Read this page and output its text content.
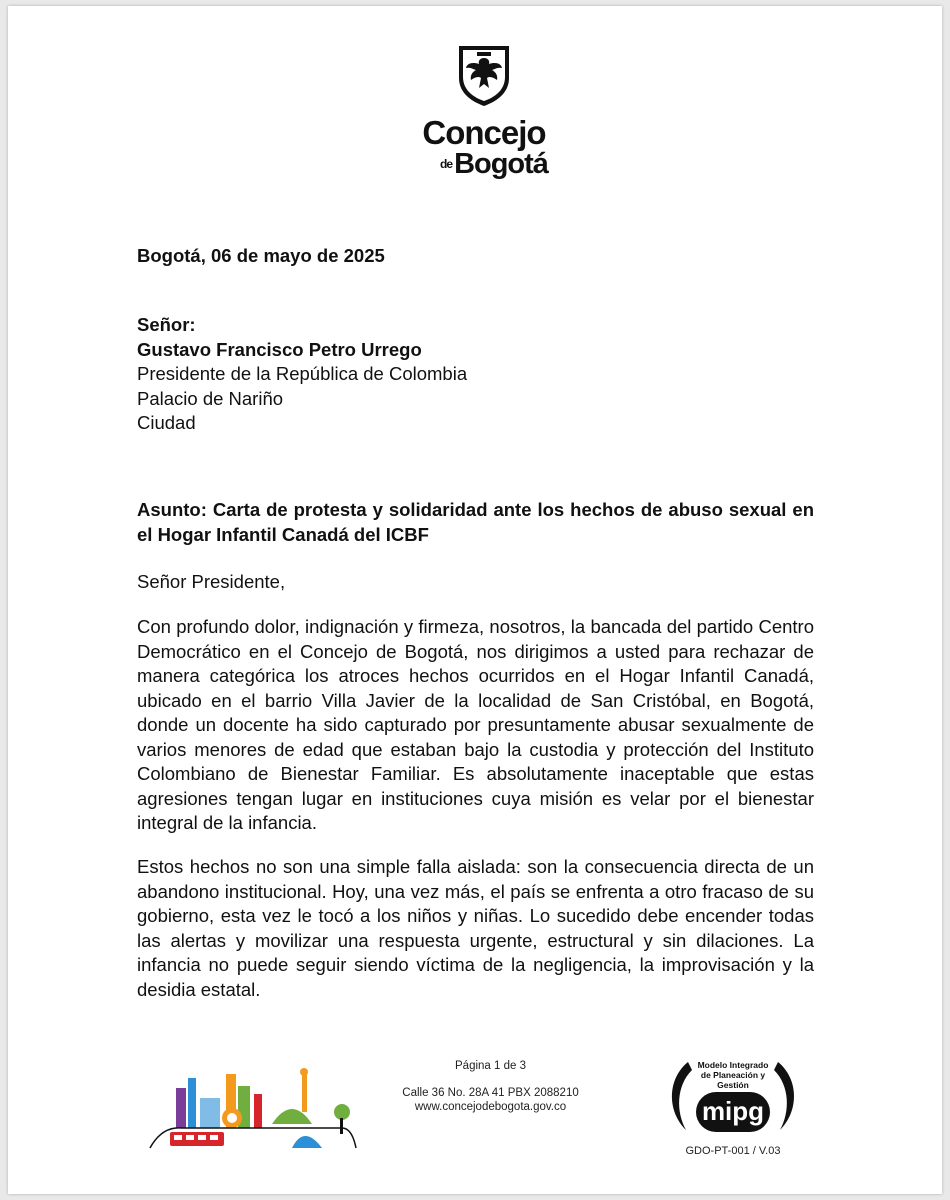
Concejo
$^{de}$Bogotá
Bogotá, 06 de mayo de 2025
Señor:
Gustavo Francisco Petro Urrego
Presidente de la República de Colombia
Palacio de Nariño
Ciudad
Asunto: Carta de protesta y solidaridad ante los hechos de abuso sexual en el Hogar Infantil Canadá del ICBF
Señor Presidente,
Con profundo dolor, indignación y firmeza, nosotros, la bancada del partido Centro Democrático en el Concejo de Bogotá, nos dirigimos a usted para rechazar de manera categórica los atroces hechos ocurridos en el Hogar Infantil Canadá, ubicado en el barrio Villa Javier de la localidad de San Cristóbal, en Bogotá, donde un docente ha sido capturado por presuntamente abusar sexualmente de varios menores de edad que estaban bajo la custodia y protección del Instituto Colombiano de Bienestar Familiar. Es absolutamente inaceptable que estas agresiones tengan lugar en instituciones cuya misión es velar por el bienestar integral de la infancia.
Estos hechos no son una simple falla aislada: son la consecuencia directa de un abandono institucional. Hoy, una vez más, el país se enfrenta a otro fracaso de su gobierno, esta vez le tocó a los niños y niñas. Lo sucedido debe encender todas las alertas y movilizar una respuesta urgente, estructural y sin dilaciones. La infancia no puede seguir siendo víctima de la negligencia, la improvisación y la desidia estatal.
Página 1 de 3
Calle 36 No. 28A 41 PBX 2088210
www.concejodebogota.gov.co
Modelo Integrado
de Planeación y
Gestión
mipg
GDO-PT-001 / V.03
